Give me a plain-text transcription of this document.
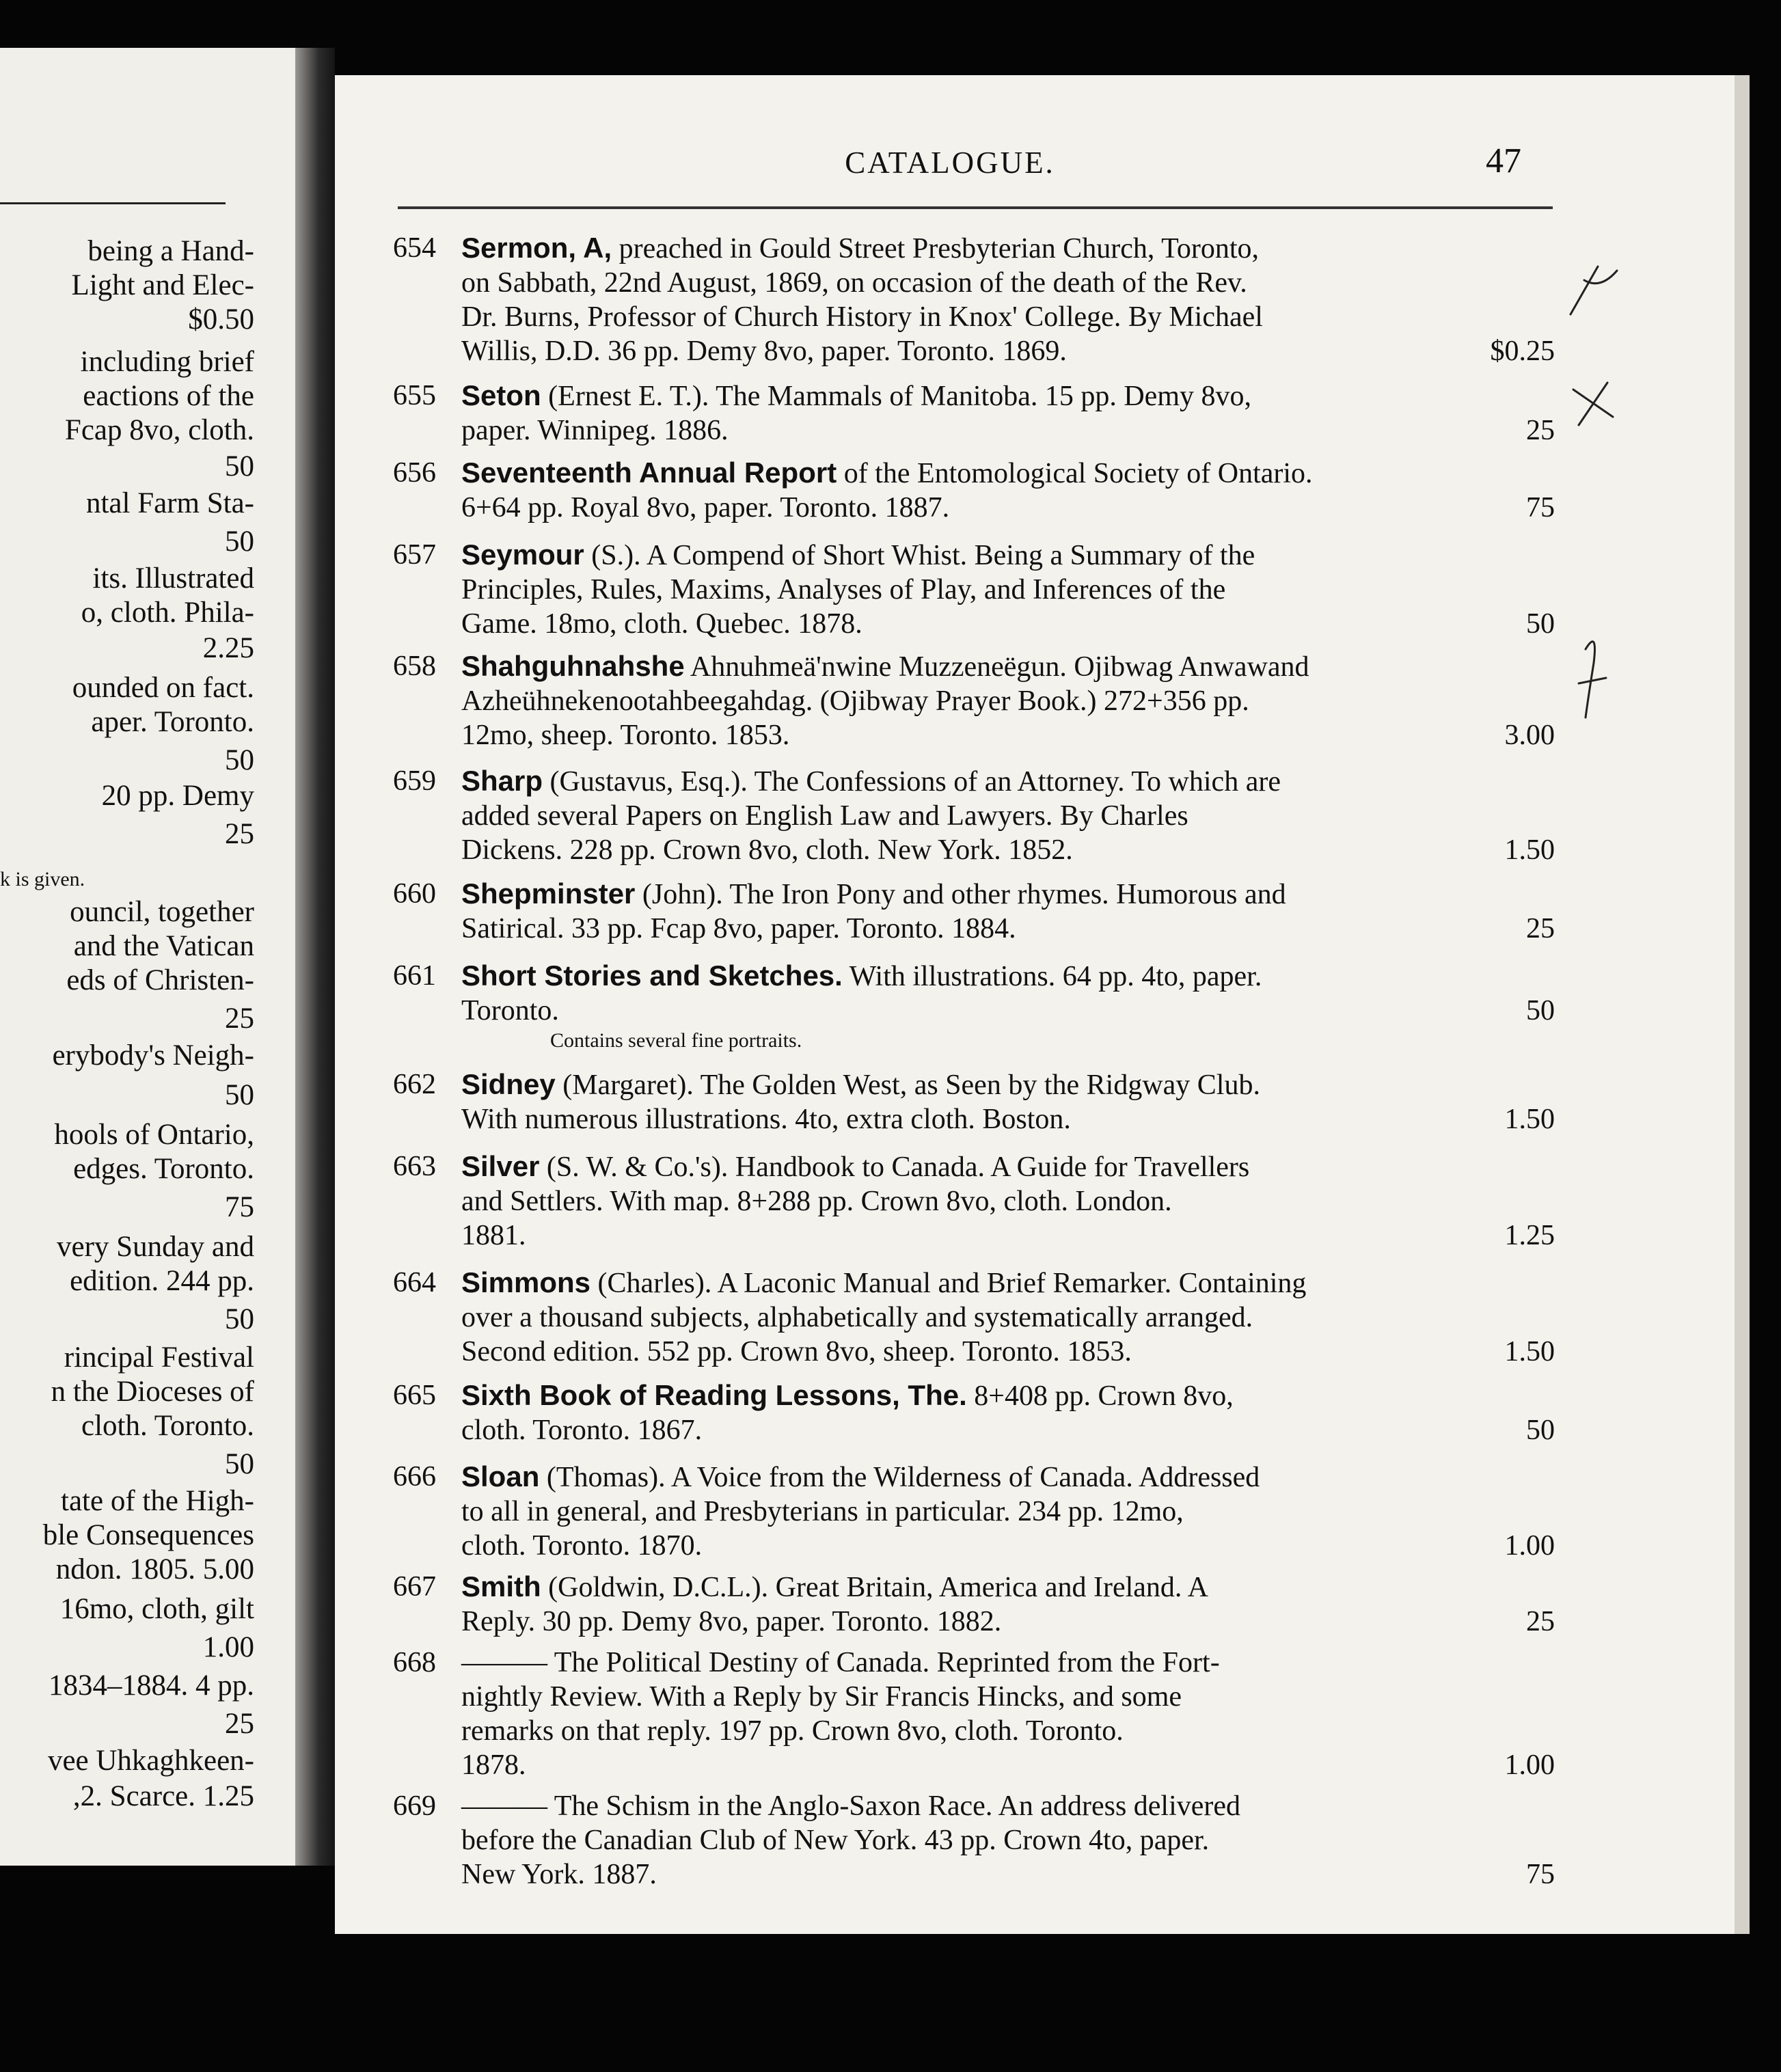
being a Hand-
Light and Elec-
$0.50
including brief
eactions of the
Fcap 8vo, cloth.
50
ntal Farm Sta-
50
its. Illustrated
o, cloth. Phila-
2.25
ounded on fact.
aper. Toronto.
50
20 pp. Demy
25
k is given.
ouncil, together
and the Vatican
eds of Christen-
25
erybody's Neigh-
50
hools of Ontario,
edges. Toronto.
75
very Sunday and
edition. 244 pp.
50
rincipal Festival
n the Dioceses of
cloth. Toronto.
50
tate of the High-
ble Consequences
ndon. 1805. 5.00
16mo, cloth, gilt
1.00
1834–1884. 4 pp.
25
vee Uhkaghkeen-
,2. Scarce. 1.25
CATALOGUE.	47
654 Sermon, A, preached in Gould Street Presbyterian Church, Toronto,
on Sabbath, 22nd August, 1869, on occasion of the death of the Rev.
Dr. Burns, Professor of Church History in Knox' College. By Michael
Willis, D.D. 36 pp. Demy 8vo, paper. Toronto. 1869.	$0.25
655 Seton (Ernest E. T.). The Mammals of Manitoba. 15 pp. Demy 8vo,
paper. Winnipeg. 1886.	25
656 Seventeenth Annual Report of the Entomological Society of Ontario.
6+64 pp. Royal 8vo, paper. Toronto. 1887.	75
657 Seymour (S.). A Compend of Short Whist. Being a Summary of the
Principles, Rules, Maxims, Analyses of Play, and Inferences of the
Game. 18mo, cloth. Quebec. 1878.	50
658 Shahguhnahshe Ahnuhmeä'nwine Muzzeneëgun. Ojibwag Anwawand
Azheühnekenootahbeegahdag. (Ojibway Prayer Book.) 272+356 pp.
12mo, sheep. Toronto. 1853.	3.00
659 Sharp (Gustavus, Esq.). The Confessions of an Attorney. To which are
added several Papers on English Law and Lawyers. By Charles
Dickens. 228 pp. Crown 8vo, cloth. New York. 1852.	1.50
660 Shepminster (John). The Iron Pony and other rhymes. Humorous and
Satirical. 33 pp. Fcap 8vo, paper. Toronto. 1884.	25
661 Short Stories and Sketches. With illustrations. 64 pp. 4to, paper.
Toronto.	50
Contains several fine portraits.
662 Sidney (Margaret). The Golden West, as Seen by the Ridgway Club.
With numerous illustrations. 4to, extra cloth. Boston.	1.50
663 Silver (S. W. & Co.'s). Handbook to Canada. A Guide for Travellers
and Settlers. With map. 8+288 pp. Crown 8vo, cloth. London.
1881.	1.25
664 Simmons (Charles). A Laconic Manual and Brief Remarker. Containing
over a thousand subjects, alphabetically and systematically arranged.
Second edition. 552 pp. Crown 8vo, sheep. Toronto. 1853.	1.50
665 Sixth Book of Reading Lessons, The. 8+408 pp. Crown 8vo,
cloth. Toronto. 1867.	50
666 Sloan (Thomas). A Voice from the Wilderness of Canada. Addressed
to all in general, and Presbyterians in particular. 234 pp. 12mo,
cloth. Toronto. 1870.	1.00
667 Smith (Goldwin, D.C.L.). Great Britain, America and Ireland. A
Reply. 30 pp. Demy 8vo, paper. Toronto. 1882.	25
668 ——— The Political Destiny of Canada. Reprinted from the Fort-
nightly Review. With a Reply by Sir Francis Hincks, and some
remarks on that reply. 197 pp. Crown 8vo, cloth. Toronto.
1878.	1.00
669 ——— The Schism in the Anglo-Saxon Race. An address delivered
before the Canadian Club of New York. 43 pp. Crown 4to, paper.
New York. 1887.	75
